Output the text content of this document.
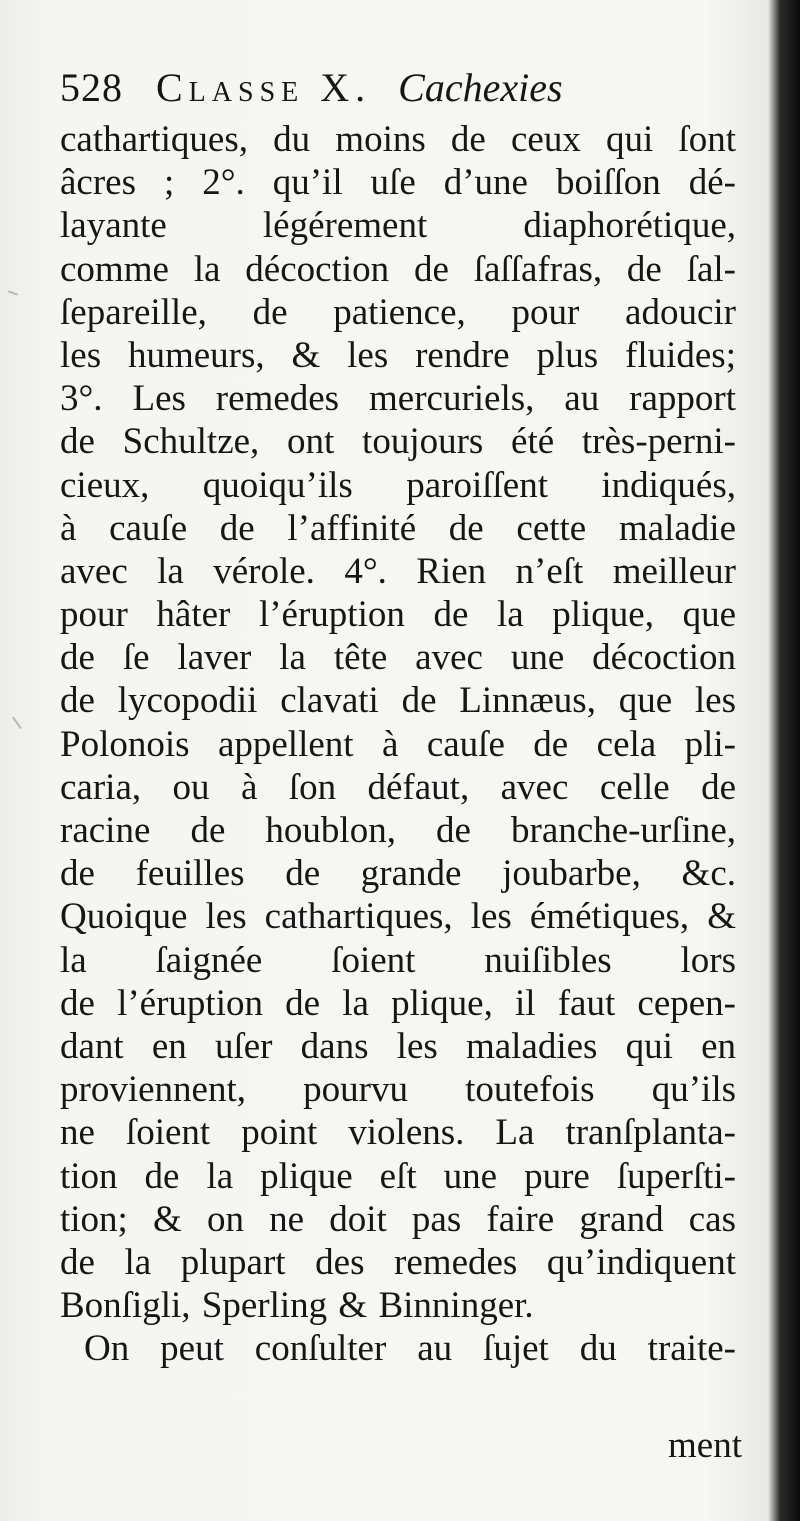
528 Classe X. Cachexies
cathartiques, du moins de ceux qui ſont
âcres ; 2°. qu’il uſe d’une boiſſon dé-
layante légérement diaphorétique,
comme la décoction de ſaſſafras, de ſal-
ſepareille, de patience, pour adoucir
les humeurs, & les rendre plus fluides;
3°. Les remedes mercuriels, au rapport
de Schultze, ont toujours été très-perni-
cieux, quoiqu’ils paroiſſent indiqués,
à cauſe de l’affinité de cette maladie
avec la vérole. 4°. Rien n’eſt meilleur
pour hâter l’éruption de la plique, que
de ſe laver la tête avec une décoction
de lycopodii clavati de Linnæus, que les
Polonois appellent à cauſe de cela pli-
caria, ou à ſon défaut, avec celle de
racine de houblon, de branche-urſine,
de feuilles de grande joubarbe, &c.
Quoique les cathartiques, les émétiques, & la ſaignée ſoient nuiſibles lors
de l’éruption de la plique, il faut cepen-
dant en uſer dans les maladies qui en
proviennent, pourvu toutefois qu’ils
ne ſoient point violens. La tranſplanta-
tion de la plique eſt une pure ſuperſti-
tion; & on ne doit pas faire grand cas
de la plupart des remedes qu’indiquent
Bonſigli, Sperling & Binninger.
On peut conſulter au ſujet du traite-
ment
